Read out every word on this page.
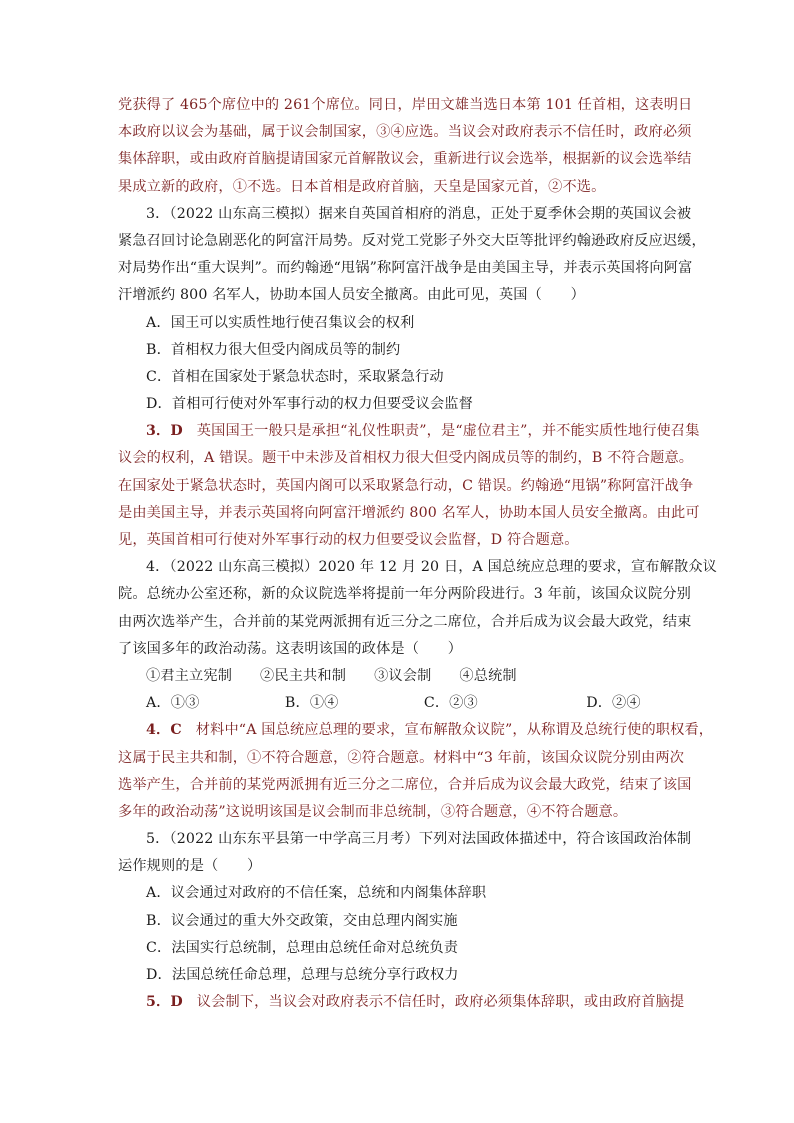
党获得了 465个席位中的 261个席位。同日，岸田文雄当选日本第 101 任首相，这表明日
本政府以议会为基础，属于议会制国家，③④应选。当议会对政府表示不信任时，政府必须
集体辞职，或由政府首脑提请国家元首解散议会，重新进行议会选举，根据新的议会选举结
果成立新的政府，①不选。日本首相是政府首脑，天皇是国家元首，②不选。
3．（2022 山东高三模拟）据来自英国首相府的消息，正处于夏季休会期的英国议会被
紧急召回讨论急剧恶化的阿富汗局势。反对党工党影子外交大臣等批评约翰逊政府反应迟缓，
对局势作出“重大误判”。而约翰逊“甩锅”称阿富汗战争是由美国主导，并表示英国将向阿富
汗增派约 800 名军人，协助本国人员安全撤离。由此可见，英国（　　）
A．国王可以实质性地行使召集议会的权利
B．首相权力很大但受内阁成员等的制约
C．首相在国家处于紧急状态时，采取紧急行动
D．首相可行使对外军事行动的权力但要受议会监督
3．D 英国国王一般只是承担“礼仪性职责”，是“虚位君主”，并不能实质性地行使召集
议会的权利，A 错误。题干中未涉及首相权力很大但受内阁成员等的制约，B 不符合题意。
在国家处于紧急状态时，英国内阁可以采取紧急行动，C 错误。约翰逊“甩锅”称阿富汗战争
是由美国主导，并表示英国将向阿富汗增派约 800 名军人，协助本国人员安全撤离。由此可
见，英国首相可行使对外军事行动的权力但要受议会监督，D 符合题意。
4．（2022 山东高三模拟）2020 年 12 月 20 日，A 国总统应总理的要求，宣布解散众议
院。总统办公室还称，新的众议院选举将提前一年分两阶段进行。3 年前，该国众议院分别
由两次选举产生，合并前的某党两派拥有近三分之二席位，合并后成为议会最大政党，结束
了该国多年的政治动荡。这表明该国的政体是（　　）
①君主立宪制 ②民主共和制 ③议会制 ④总统制
A．①③	B．①④	C．②③	D．②④
4．C 材料中“A 国总统应总理的要求，宣布解散众议院”，从称谓及总统行使的职权看，
这属于民主共和制，①不符合题意，②符合题意。材料中“3 年前，该国众议院分别由两次
选举产生，合并前的某党两派拥有近三分之二席位，合并后成为议会最大政党，结束了该国
多年的政治动荡”这说明该国是议会制而非总统制，③符合题意，④不符合题意。
5．（2022 山东东平县第一中学高三月考）下列对法国政体描述中，符合该国政治体制
运作规则的是（　　）
A．议会通过对政府的不信任案，总统和内阁集体辞职
B．议会通过的重大外交政策，交由总理内阁实施
C．法国实行总统制，总理由总统任命对总统负责
D．法国总统任命总理，总理与总统分享行政权力
5．D 议会制下，当议会对政府表示不信任时，政府必须集体辞职，或由政府首脑提
